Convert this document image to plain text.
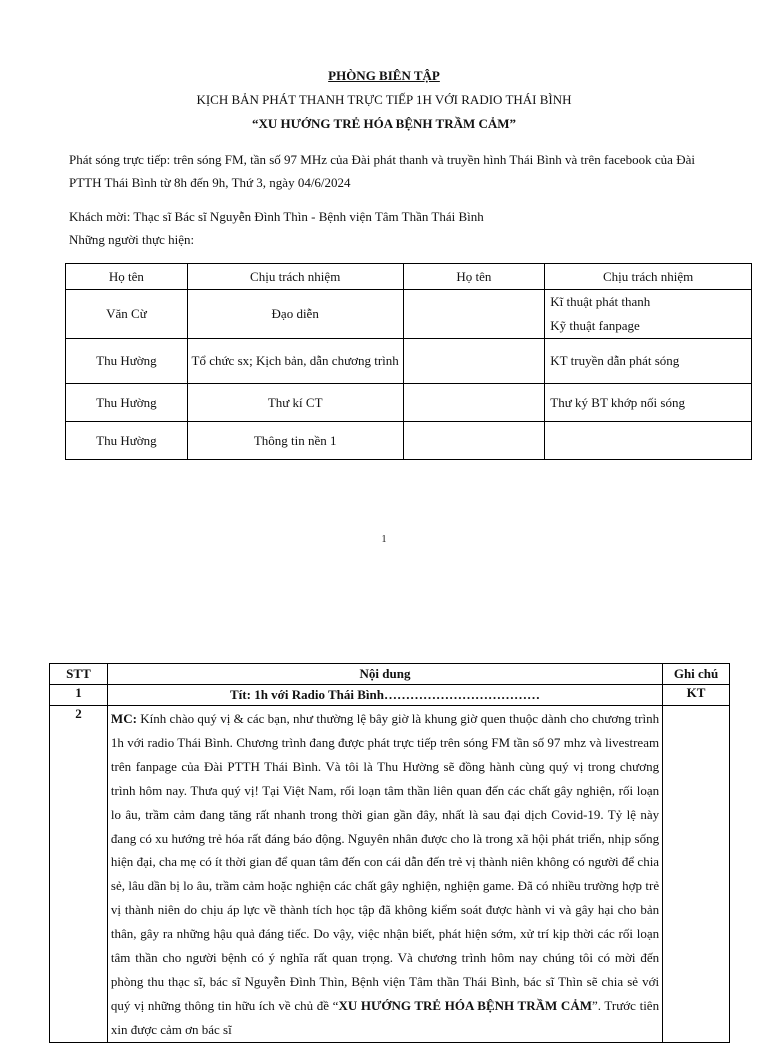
PHÒNG BIÊN TẬP
KỊCH BẢN PHÁT THANH TRỰC TIẾP 1H VỚI RADIO THÁI BÌNH
“XU HƯỚNG TRẺ HÓA BỆNH TRẦM CẢM”
Phát sóng trực tiếp: trên sóng FM, tần số 97 MHz của Đài phát thanh và truyền hình Thái Bình và trên facebook của Đài PTTH Thái Bình từ 8h đến 9h, Thứ 3, ngày 04/6/2024
Khách mời: Thạc sĩ Bác sĩ Nguyễn Đình Thìn - Bệnh viện Tâm Thần Thái Bình
Những người thực hiện:
Họ tên	Chịu trách nhiệm	Họ tên	Chịu trách nhiệm
Văn Cừ	Đạo diễn		Kĩ thuật phát thanh
Kỹ thuật fanpage
Thu Hường	Tổ chức sx; Kịch bản, dẫn chương trình		KT truyền dẫn phát sóng
Thu Hường	Thư kí CT		Thư ký BT khớp nối sóng
Thu Hường	Thông tin nền 1		
1
STT	Nội dung	Ghi chú
1	Tít: 1h với Radio Thái Bình………………………………	KT
2	MC: Kính chào quý vị & các bạn, như thường lệ bây giờ là khung giờ quen thuộc dành cho chương trình 1h với radio Thái Bình. Chương trình đang được phát trực tiếp trên sóng FM tần số 97 mhz và livestream trên fanpage của Đài PTTH Thái Bình. Và tôi là Thu Hường sẽ đồng hành cùng quý vị trong chương trình hôm nay. Thưa quý vị! Tại Việt Nam, rối loạn tâm thần liên quan đến các chất gây nghiện, rối loạn lo âu, trầm cảm đang tăng rất nhanh trong thời gian gần đây, nhất là sau đại dịch Covid-19. Tỷ lệ này đang có xu hướng trẻ hóa rất đáng báo động. Nguyên nhân được cho là trong xã hội phát triển, nhịp sống hiện đại, cha mẹ có ít thời gian để quan tâm đến con cái dẫn đến trẻ vị thành niên không có người để chia sẻ, lâu dần bị lo âu, trầm cảm hoặc nghiện các chất gây nghiện, nghiện game. Đã có nhiều trường hợp trẻ vị thành niên do chịu áp lực về thành tích học tập đã không kiểm soát được hành vi và gây hại cho bản thân, gây ra những hậu quả đáng tiếc. Do vậy, việc nhận biết, phát hiện sớm, xử trí kịp thời các rối loạn tâm thần cho người bệnh có ý nghĩa rất quan trọng. Và chương trình hôm nay chúng tôi có mời đến phòng thu thạc sĩ, bác sĩ Nguyễn Đình Thìn, Bệnh viện Tâm thần Thái Bình, bác sĩ Thìn sẽ chia sẻ với quý vị những thông tin hữu ích về chủ đề “XU HƯỚNG TRẺ HÓA BỆNH TRẦM CẢM”. Trước tiên xin được cảm ơn bác sĩ	
